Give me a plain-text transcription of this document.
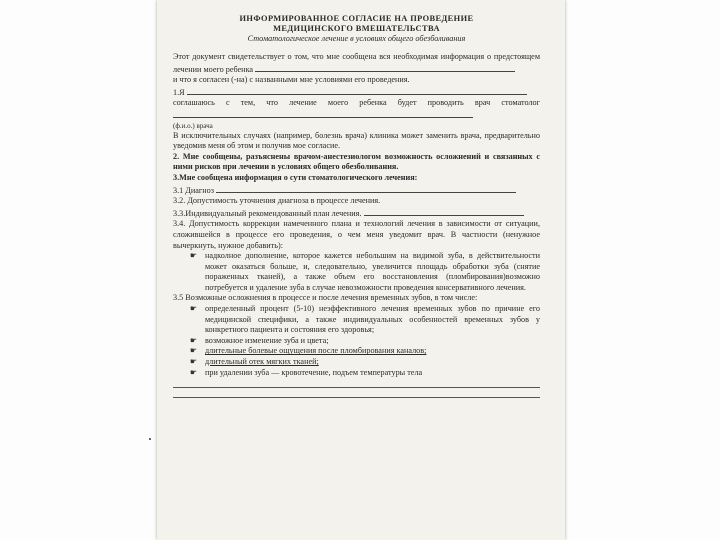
ИНФОРМИРОВАННОЕ СОГЛАСИЕ НА ПРОВЕДЕНИЕ
МЕДИЦИНСКОГО ВМЕШАТЕЛЬСТВА
Стоматологическое лечение в условиях общего обезболивания

Этот документ свидетельствует о том, что мне сообщена вся необходимая информация о предстоящем лечении моего ребенка

и что я согласен (-на) с названными мне условиями его проведения.

1.Я

соглашаюсь с тем, что лечение моего ребенка будет проводить врач стоматолог

(ф.и.о.) врача

В исключительных случаях (например, болезнь врача) клиника может заменить врача, предварительно уведомив меня об этом и получив мое согласие.

2. Мне сообщены, разъяснены врачом-анестезиологом возможность осложнений и связанных с ними рисков при лечении в условиях общего обезболивания.

3.Мне сообщена информация о сути стоматологического лечения:

3.1 Диагноз

3.2. Допустимость уточнения диагноза в процессе лечения.

3.3.Индивидуальный рекомендованный план лечения.

3.4. Допустимость коррекции намеченного плана и технологий лечения в зависимости от ситуации, сложившейся в процессе его проведения, о чем меня уведомит врач. В частности (ненужное вычеркнуть, нужное добавить):

☛ надколное дополнение, которое кажется небольшим на видимой зуба, в действительности может оказаться больше, и, следовательно, увеличится площадь обработки зуба (снятие пораженных тканей), а также объем его восстановления (пломбирования)возможно потребуется и удаление зуба в случае невозможности проведения консервативного лечения.

3.5 Возможные осложнения в процессе и после лечения временных зубов, в том числе:

☛ определенный процент (5-10) неэффективного лечения временных зубов по причине его медицинской специфики, а также индивидуальных особенностей временных зубов у конкретного пациента и состояния его здоровья;
☛ возможное изменение зуба и цвета;
☛ длительные болевые ощущения после пломбирования каналов;
☛ длительный отек мягких тканей;
☛ при удалении зуба — кровотечение, подъем температуры тела
